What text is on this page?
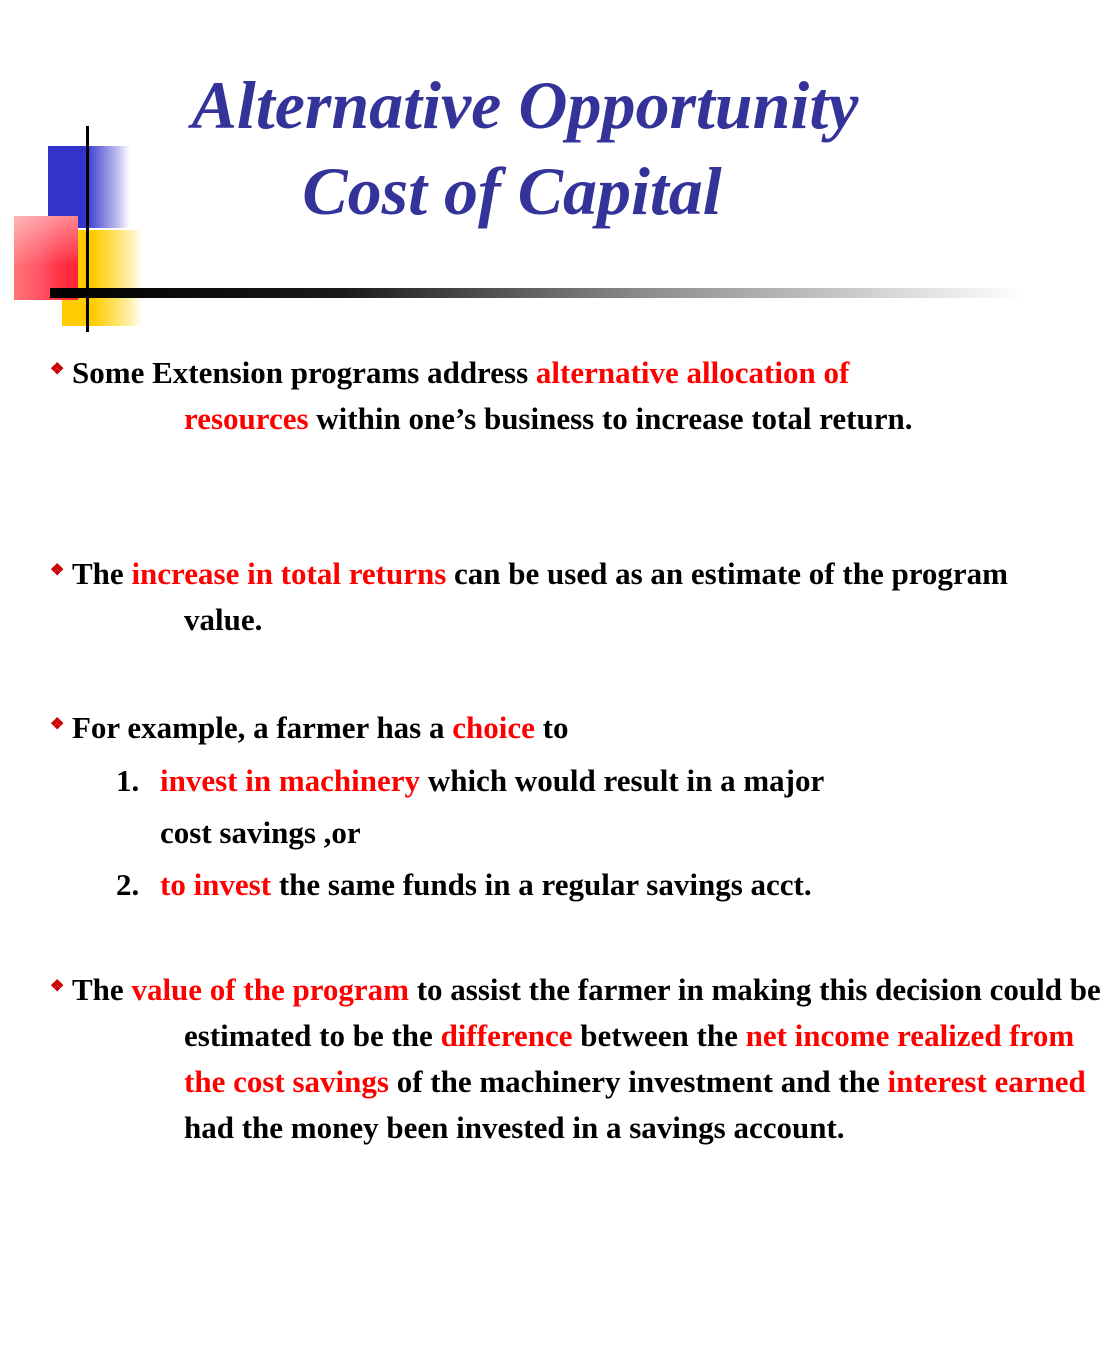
Alternative Opportunity
Cost of Capital
❖ Some Extension programs address alternative allocation of resources within one’s business to increase total return.

❖ The increase in total returns can be used as an estimate of the program value.

❖ For example, a farmer has a choice to

1. invest in machinery which would result in a major
cost savings ,or
2. to invest the same funds in a regular savings acct.
❖ The value of the program to assist the farmer in making this decision could be estimated to be the difference between the net income realized from the cost savings of the machinery investment and the interest earned had the money been invested in a savings account.
